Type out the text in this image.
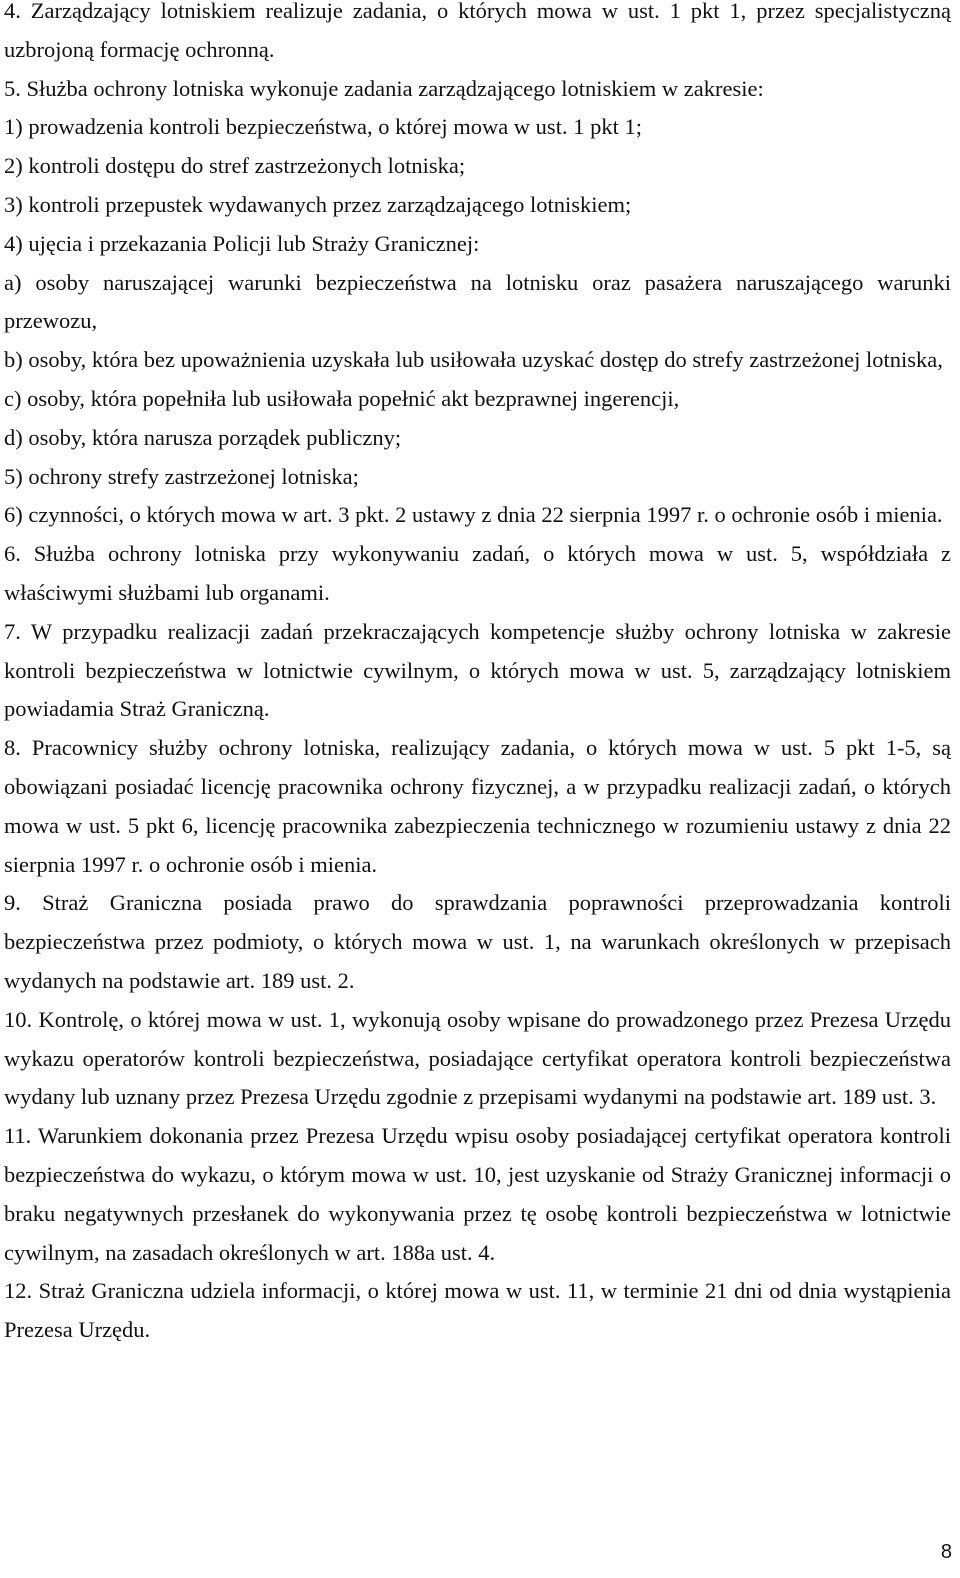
4. Zarządzający lotniskiem realizuje zadania, o których mowa w ust. 1 pkt 1, przez specjalistyczną uzbrojoną formację ochronną.

5. Służba ochrony lotniska wykonuje zadania zarządzającego lotniskiem w zakresie:

1) prowadzenia kontroli bezpieczeństwa, o której mowa w ust. 1 pkt 1;

2) kontroli dostępu do stref zastrzeżonych lotniska;

3) kontroli przepustek wydawanych przez zarządzającego lotniskiem;

4) ujęcia i przekazania Policji lub Straży Granicznej:

a) osoby naruszającej warunki bezpieczeństwa na lotnisku oraz pasażera naruszającego warunki przewozu,

b) osoby, która bez upoważnienia uzyskała lub usiłowała uzyskać dostęp do strefy zastrzeżonej lotniska,

c) osoby, która popełniła lub usiłowała popełnić akt bezprawnej ingerencji,

d) osoby, która narusza porządek publiczny;

5) ochrony strefy zastrzeżonej lotniska;

6) czynności, o których mowa w art. 3 pkt. 2 ustawy z dnia 22 sierpnia 1997 r. o ochronie osób i mienia.

6. Służba ochrony lotniska przy wykonywaniu zadań, o których mowa w ust. 5, współdziała z właściwymi służbami lub organami.

7. W przypadku realizacji zadań przekraczających kompetencje służby ochrony lotniska w zakresie kontroli bezpieczeństwa w lotnictwie cywilnym, o których mowa w ust. 5, zarządzający lotniskiem powiadamia Straż Graniczną.

8. Pracownicy służby ochrony lotniska, realizujący zadania, o których mowa w ust. 5 pkt 1-5, są obowiązani posiadać licencję pracownika ochrony fizycznej, a w przypadku realizacji zadań, o których mowa w ust. 5 pkt 6, licencję pracownika zabezpieczenia technicznego w rozumieniu ustawy z dnia 22 sierpnia 1997 r. o ochronie osób i mienia.

9. Straż Graniczna posiada prawo do sprawdzania poprawności przeprowadzania kontroli bezpieczeństwa przez podmioty, o których mowa w ust. 1, na warunkach określonych w przepisach wydanych na podstawie art. 189 ust. 2.

10. Kontrolę, o której mowa w ust. 1, wykonują osoby wpisane do prowadzonego przez Prezesa Urzędu wykazu operatorów kontroli bezpieczeństwa, posiadające certyfikat operatora kontroli bezpieczeństwa wydany lub uznany przez Prezesa Urzędu zgodnie z przepisami wydanymi na podstawie art. 189 ust. 3.

11. Warunkiem dokonania przez Prezesa Urzędu wpisu osoby posiadającej certyfikat operatora kontroli bezpieczeństwa do wykazu, o którym mowa w ust. 10, jest uzyskanie od Straży Granicznej informacji o braku negatywnych przesłanek do wykonywania przez tę osobę kontroli bezpieczeństwa w lotnictwie cywilnym, na zasadach określonych w art. 188a ust. 4.

12. Straż Graniczna udziela informacji, o której mowa w ust. 11, w terminie 21 dni od dnia wystąpienia Prezesa Urzędu.

8
